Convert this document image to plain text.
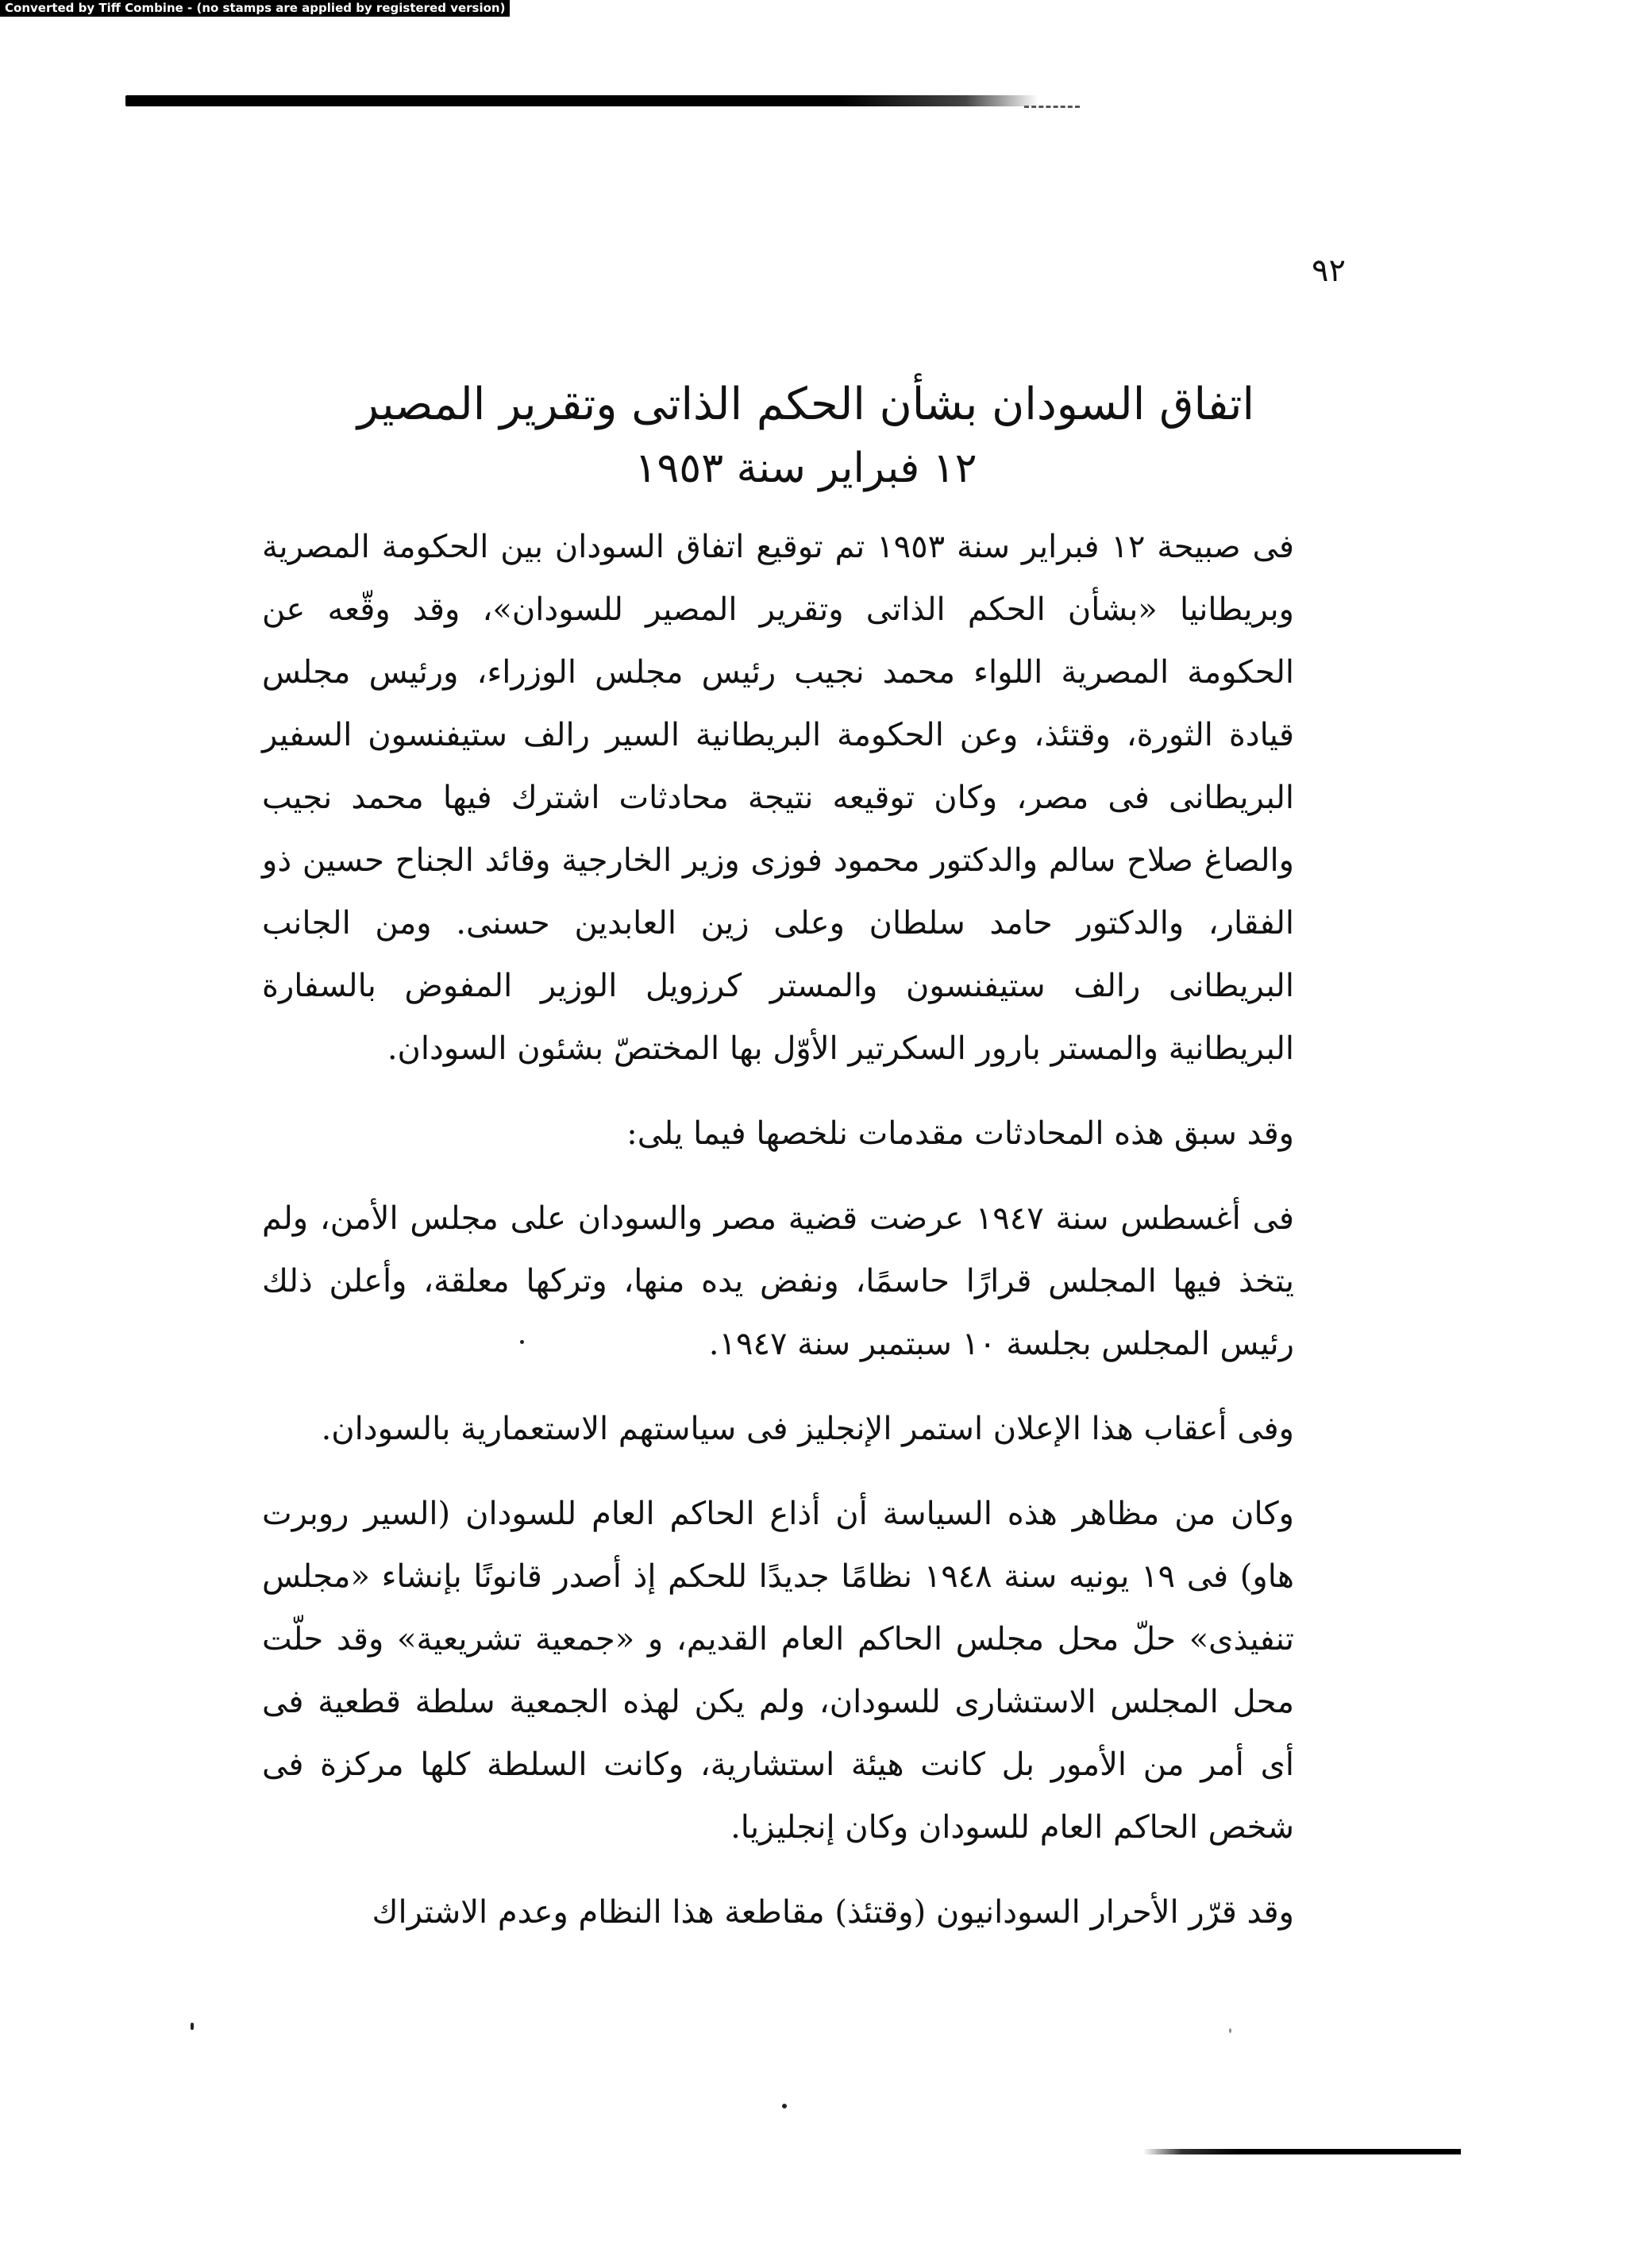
Converted by Tiff Combine - (no stamps are applied by registered version)
٩٢
اتفاق السودان بشأن الحكم الذاتى وتقرير المصير

١٢ فبراير سنة ١٩٥٣

فى صبيحة ١٢ فبراير سنة ١٩٥٣ تم توقيع اتفاق السودان بين الحكومة المصرية وبريطانيا «بشأن الحكم الذاتى وتقرير المصير للسودان»، وقد وقّعه عن الحكومة المصرية اللواء محمد نجيب رئيس مجلس الوزراء، ورئيس مجلس قيادة الثورة، وقتئذ، وعن الحكومة البريطانية السير رالف ستيفنسون السفير البريطانى فى مصر، وكان توقيعه نتيجة محادثات اشترك فيها محمد نجيب والصاغ صلاح سالم والدكتور محمود فوزى وزير الخارجية وقائد الجناح حسين ذو الفقار، والدكتور حامد سلطان وعلى زين العابدين حسنى. ومن الجانب البريطانى رالف ستيفنسون والمستر كرزويل الوزير المفوض بالسفارة البريطانية والمستر بارور السكرتير الأوّل بها المختصّ بشئون السودان.

وقد سبق هذه المحادثات مقدمات نلخصها فيما يلى:

فى أغسطس سنة ١٩٤٧ عرضت قضية مصر والسودان على مجلس الأمن، ولم يتخذ فيها المجلس قرارًا حاسمًا، ونفض يده منها، وتركها معلقة، وأعلن ذلك رئيس المجلس بجلسة ١٠ سبتمبر سنة ١٩٤٧.

وفى أعقاب هذا الإعلان استمر الإنجليز فى سياستهم الاستعمارية بالسودان.

وكان من مظاهر هذه السياسة أن أذاع الحاكم العام للسودان (السير روبرت هاو) فى ١٩ يونيه سنة ١٩٤٨ نظامًا جديدًا للحكم إذ أصدر قانونًا بإنشاء «مجلس تنفيذى» حلّ محل مجلس الحاكم العام القديم، و «جمعية تشريعية» وقد حلّت محل المجلس الاستشارى للسودان، ولم يكن لهذه الجمعية سلطة قطعية فى أى أمر من الأمور بل كانت هيئة استشارية، وكانت السلطة كلها مركزة فى شخص الحاكم العام للسودان وكان إنجليزيا.

وقد قرّر الأحرار السودانيون (وقتئذ) مقاطعة هذا النظام وعدم الاشتراك
